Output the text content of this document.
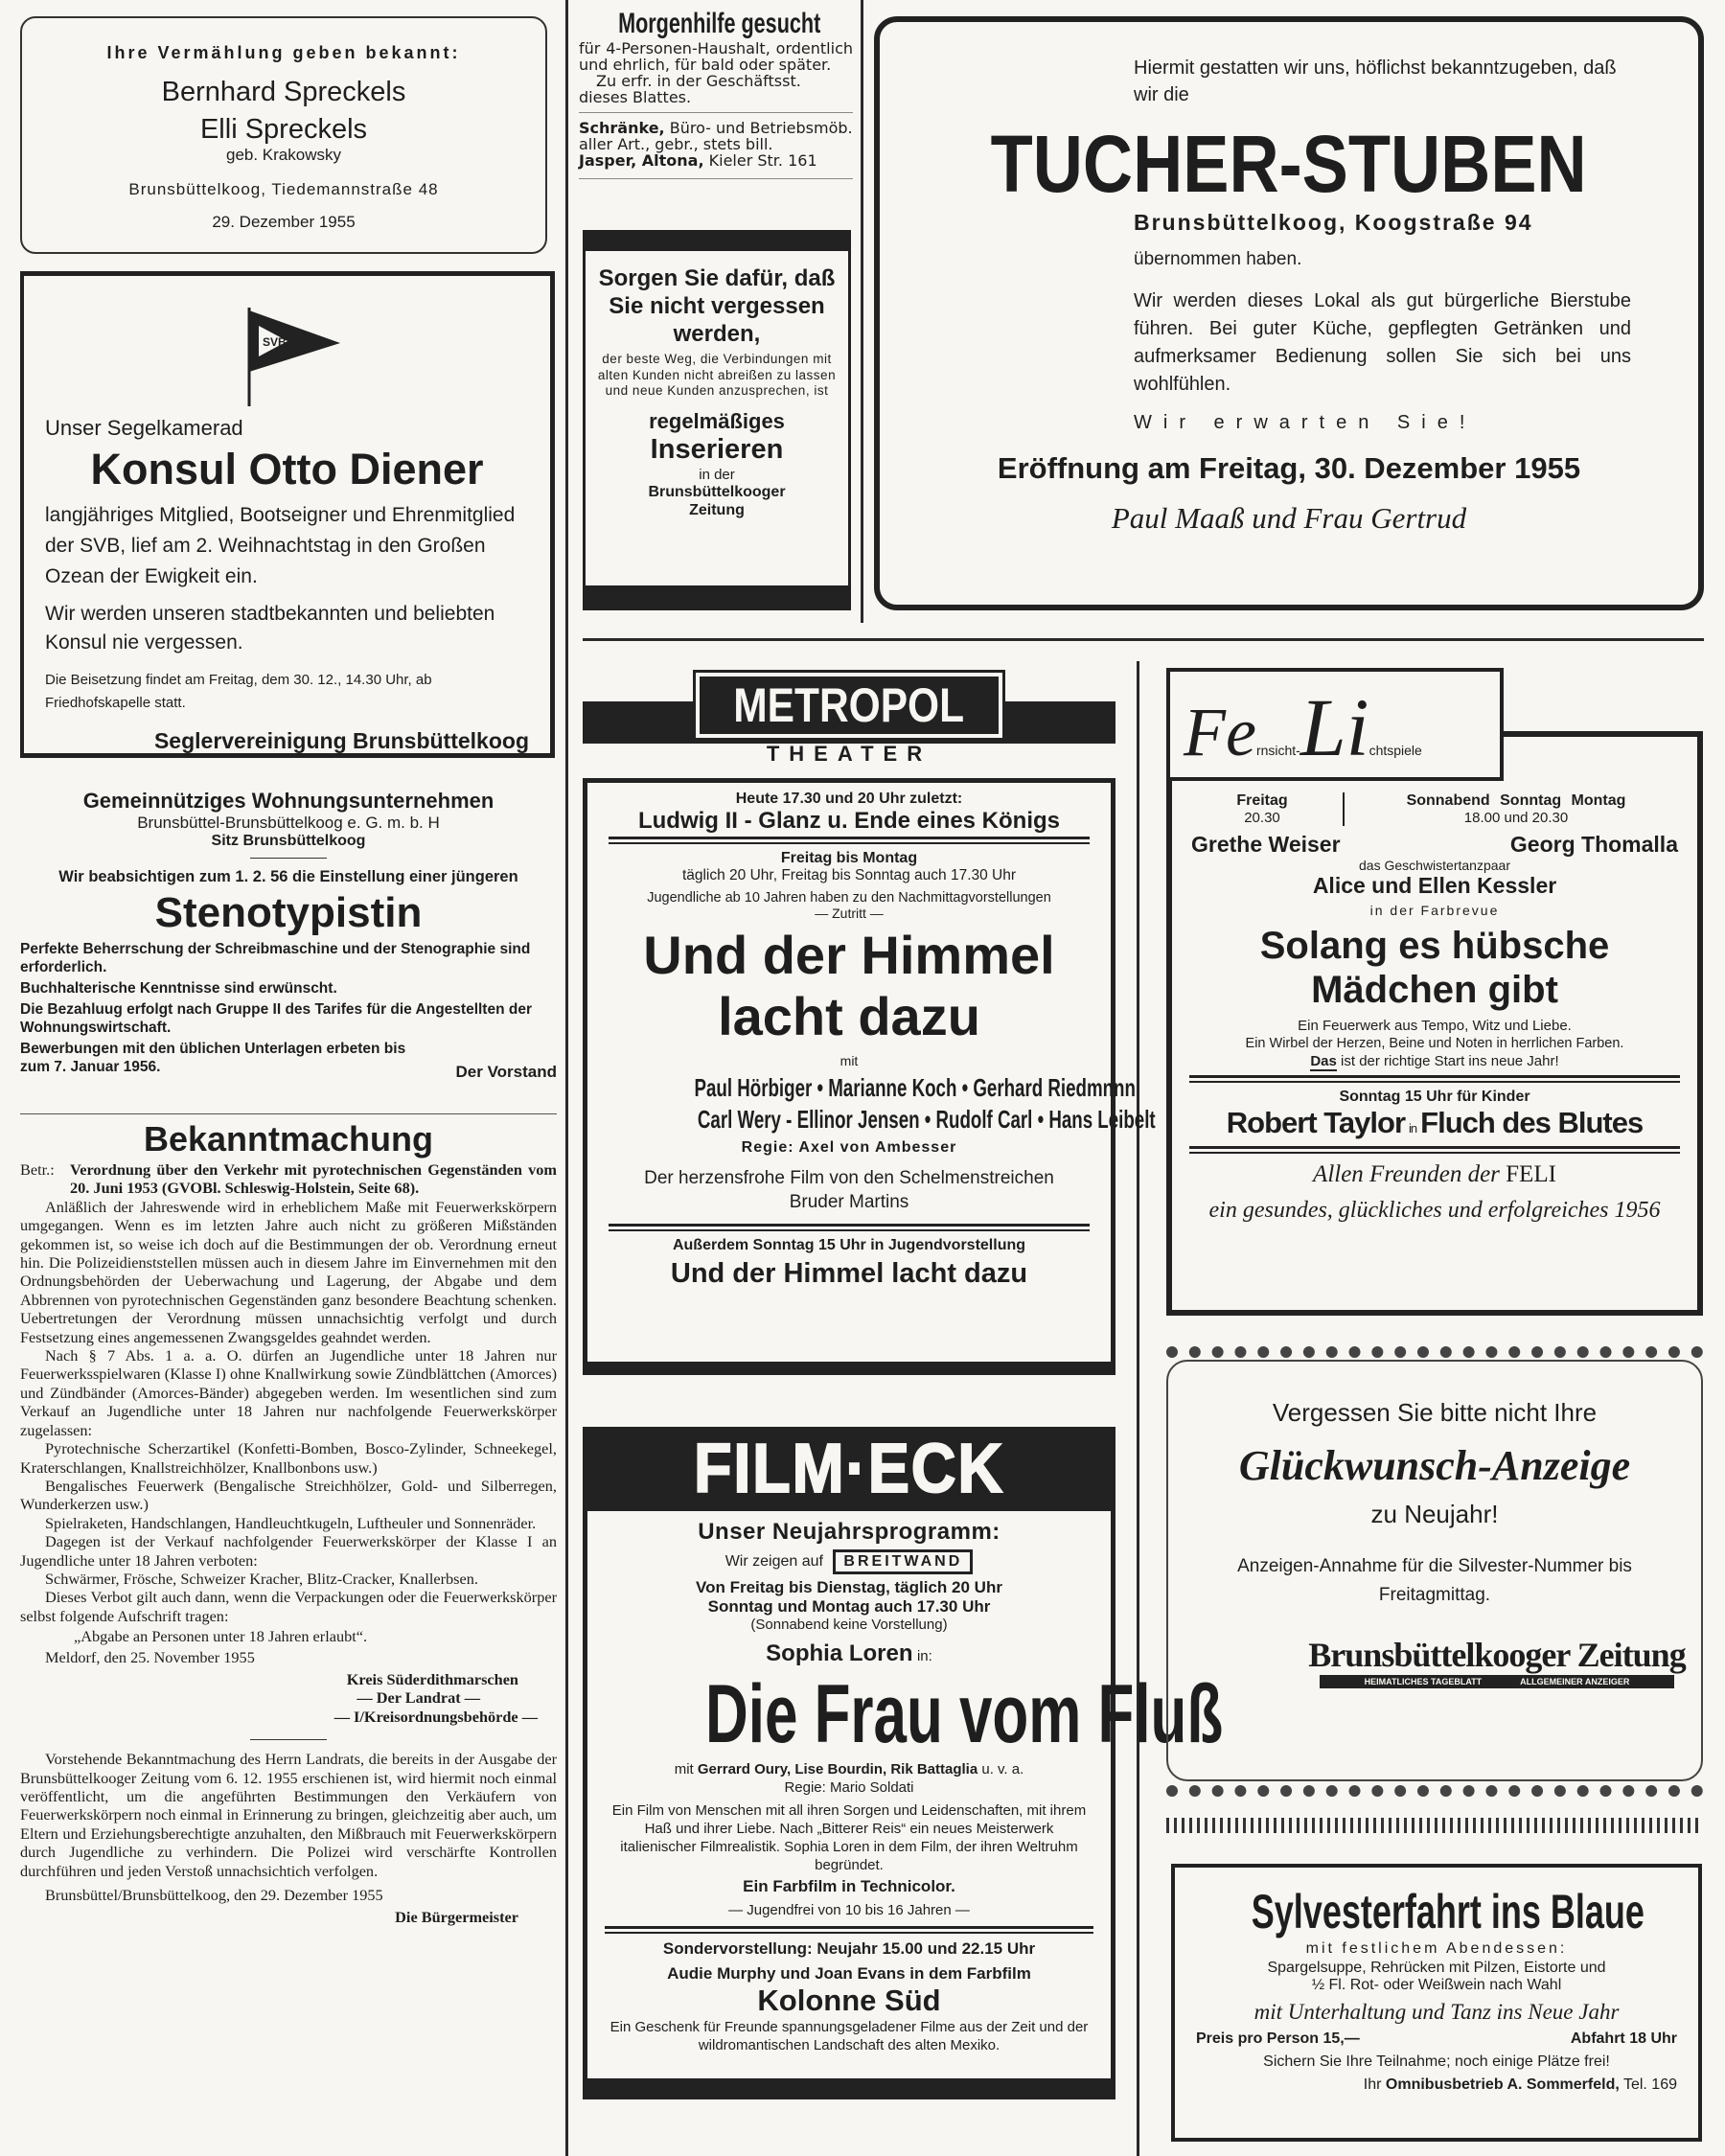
Ihre Vermählung geben bekannt:
Bernhard Spreckels
Elli Spreckels
geb. Krakowsky
Brunsbüttelkoog, Tiedemannstraße 48
29. Dezember 1955
SVB
Unser Segelkamerad
Konsul Otto Diener
langjähriges Mitglied, Bootseigner und Ehrenmitglied der SVB, lief am 2. Weihnachtstag in den Großen Ozean der Ewigkeit ein.
Wir werden unseren stadtbekannten und beliebten Konsul nie vergessen.
Die Beisetzung findet am Freitag, dem 30. 12., 14.30 Uhr, ab Friedhofskapelle statt.
Seglervereinigung Brunsbüttelkoog
Gemeinnütziges Wohnungsunternehmen
Brunsbüttel-Brunsbüttelkoog e. G. m. b. H
Sitz Brunsbüttelkoog
Wir beabsichtigen zum 1. 2. 56 die Einstellung einer jüngeren
Stenotypistin
Perfekte Beherrschung der Schreibmaschine und der Stenographie sind erforderlich.
Buchhalterische Kenntnisse sind erwünscht.
Die Bezahluug erfolgt nach Gruppe II des Tarifes für die Angestellten der Wohnungswirtschaft.
Bewerbungen mit den üblichen Unterlagen erbeten bis zum 7. Januar 1956.	Der Vorstand
Bekanntmachung
Betr.: Verordnung über den Verkehr mit pyrotechnischen Gegenständen vom 20. Juni 1953 (GVOBl. Schleswig-Holstein, Seite 68).

Anläßlich der Jahreswende wird in erheblichem Maße mit Feuerwerkskörpern umgegangen. Wenn es im letzten Jahre auch nicht zu größeren Mißständen gekommen ist, so weise ich doch auf die Bestimmungen der ob. Verordnung erneut hin. Die Polizeidienststellen müssen auch in diesem Jahre im Einvernehmen mit den Ordnungsbehörden der Ueberwachung und Lagerung, der Abgabe und dem Abbrennen von pyrotechnischen Gegenständen ganz besondere Beachtung schenken. Uebertretungen der Verordnung müssen unnachsichtig verfolgt und durch Festsetzung eines angemessenen Zwangsgeldes geahndet werden.

Nach § 7 Abs. 1 a. a. O. dürfen an Jugendliche unter 18 Jahren nur Feuerwerksspielwaren (Klasse I) ohne Knallwirkung sowie Zündblättchen (Amorces) und Zündbänder (Amorces-Bänder) abgegeben werden. Im wesentlichen sind zum Verkauf an Jugendliche unter 18 Jahren nur nachfolgende Feuerwerkskörper zugelassen:

Pyrotechnische Scherzartikel (Konfetti-Bomben, Bosco-Zylinder, Schneekegel, Kraterschlangen, Knallstreichhölzer, Knallbonbons usw.)

Bengalisches Feuerwerk (Bengalische Streichhölzer, Gold- und Silberregen, Wunderkerzen usw.)

Spielraketen, Handschlangen, Handleuchtkugeln, Luftheuler und Sonnenräder.

Dagegen ist der Verkauf nachfolgender Feuerwerkskörper der Klasse I an Jugendliche unter 18 Jahren verboten:

Schwärmer, Frösche, Schweizer Kracher, Blitz-Cracker, Knallerbsen.

Dieses Verbot gilt auch dann, wenn die Verpackungen oder die Feuerwerkskörper selbst folgende Aufschrift tragen:

„Abgabe an Personen unter 18 Jahren erlaubt“.

Meldorf, den 25. November 1955

Kreis Süderdithmarschen
— Der Landrat —
— I/Kreisordnungsbehörde —

Vorstehende Bekanntmachung des Herrn Landrats, die bereits in der Ausgabe der Brunsbüttelkooger Zeitung vom 6. 12. 1955 erschienen ist, wird hiermit noch einmal veröffentlicht, um die angeführten Bestimmungen den Verkäufern von Feuerwerkskörpern noch einmal in Erinnerung zu bringen, gleichzeitig aber auch, um Eltern und Erziehungsberechtigte anzuhalten, den Mißbrauch mit Feuerwerkskörpern durch Jugendliche zu verhindern. Die Polizei wird verschärfte Kontrollen durchführen und jeden Verstoß unnachsichtich verfolgen.

Brunsbüttel/Brunsbüttelkoog, den 29. Dezember 1955

Die Bürgermeister
Morgenhilfe gesucht
für 4-Personen-Haushalt, ordentlich und ehrlich, für bald oder später.
Zu erfr. in der Geschäftsst. dieses Blattes.
Schränke, Büro- und Betriebsmöb. aller Art., gebr., stets bill.
Jasper, Altona, Kieler Str. 161
Sorgen Sie dafür, daß Sie nicht vergessen werden,
der beste Weg, die Verbindungen mit alten Kunden nicht abreißen zu lassen und neue Kunden anzusprechen, ist
regelmäßiges
Inserieren
in der
Brunsbüttelkooger Zeitung
Hiermit gestatten wir uns, höflichst bekanntzugeben, daß wir die
TUCHER-STUBEN
Brunsbüttelkoog, Koogstraße 94
übernommen haben.
Wir werden dieses Lokal als gut bürgerliche Bierstube führen. Bei guter Küche, gepflegten Getränken und aufmerksamer Bedienung sollen Sie sich bei uns wohlfühlen.
Wir erwarten Sie!
Eröffnung am Freitag, 30. Dezember 1955
Paul Maaß und Frau Gertrud
METROPOL
THEATER
Heute 17.30 und 20 Uhr zuletzt:
Ludwig II - Glanz u. Ende eines Königs
Freitag bis Montag
täglich 20 Uhr, Freitag bis Sonntag auch 17.30 Uhr
Jugendliche ab 10 Jahren haben zu den Nachmittagvorstellungen
— Zutritt —
Und der Himmel lacht dazu
mit
Paul Hörbiger • Marianne Koch • Gerhard Riedmnnn
Carl Wery - Ellinor Jensen • Rudolf Carl • Hans Leibelt
Regie: Axel von Ambesser
Der herzensfrohe Film von den Schelmenstreichen Bruder Martins
Außerdem Sonntag 15 Uhr in Jugendvorstellung
Und der Himmel lacht dazu
FILM·ECK
Unser Neujahrsprogramm:
Wir zeigen auf BREITWAND
Von Freitag bis Dienstag, täglich 20 Uhr
Sonntag und Montag auch 17.30 Uhr
(Sonnabend keine Vorstellung)
Sophia Loren in:
Die Frau vom Fluß
mit Gerrard Oury, Lise Bourdin, Rik Battaglia u. v. a.
Regie: Mario Soldati
Ein Film von Menschen mit all ihren Sorgen und Leidenschaften, mit ihrem Haß und ihrer Liebe. Nach „Bitterer Reis“ ein neues Meisterwerk italienischer Filmrealistik. Sophia Loren in dem Film, der ihren Weltruhm begründet.
Ein Farbfilm in Technicolor.
— Jugendfrei von 10 bis 16 Jahren —
Sondervorstellung: Neujahr 15.00 und 22.15 Uhr
Audie Murphy und Joan Evans in dem Farbfilm
Kolonne Süd
Ein Geschenk für Freunde spannungsgeladener Filme aus der Zeit und der wildromantischen Landschaft des alten Mexiko.
Fernsicht-Lichtspiele
Freitag
20.30
Sonnabend Sonntag Montag
18.00 und 20.30
Grethe Weiser	Georg Thomalla
das Geschwistertanzpaar
Alice und Ellen Kessler
in der Farbrevue
Solang es hübsche Mädchen gibt
Ein Feuerwerk aus Tempo, Witz und Liebe.
Ein Wirbel der Herzen, Beine und Noten in herrlichen Farben.
Das ist der richtige Start ins neue Jahr!
Sonntag 15 Uhr für Kinder
Robert Taylor in Fluch des Blutes
Allen Freunden der FELI
ein gesundes, glückliches und erfolgreiches 1956
Vergessen Sie bitte nicht Ihre
Glückwunsch-Anzeige
zu Neujahr!
Anzeigen-Annahme für die Silvester-Nummer bis Freitagmittag.
Brunsbüttelkooger Zeitung
HEIMATLICHES TAGEBLATT	ALLGEMEINER ANZEIGER
Sylvesterfahrt ins Blaue
mit festlichem Abendessen:
Spargelsuppe, Rehrücken mit Pilzen, Eistorte und
½ Fl. Rot- oder Weißwein nach Wahl
mit Unterhaltung und Tanz ins Neue Jahr
Preis pro Person 15,—	Abfahrt 18 Uhr
Sichern Sie Ihre Teilnahme; noch einige Plätze frei!
Ihr Omnibusbetrieb A. Sommerfeld, Tel. 169
